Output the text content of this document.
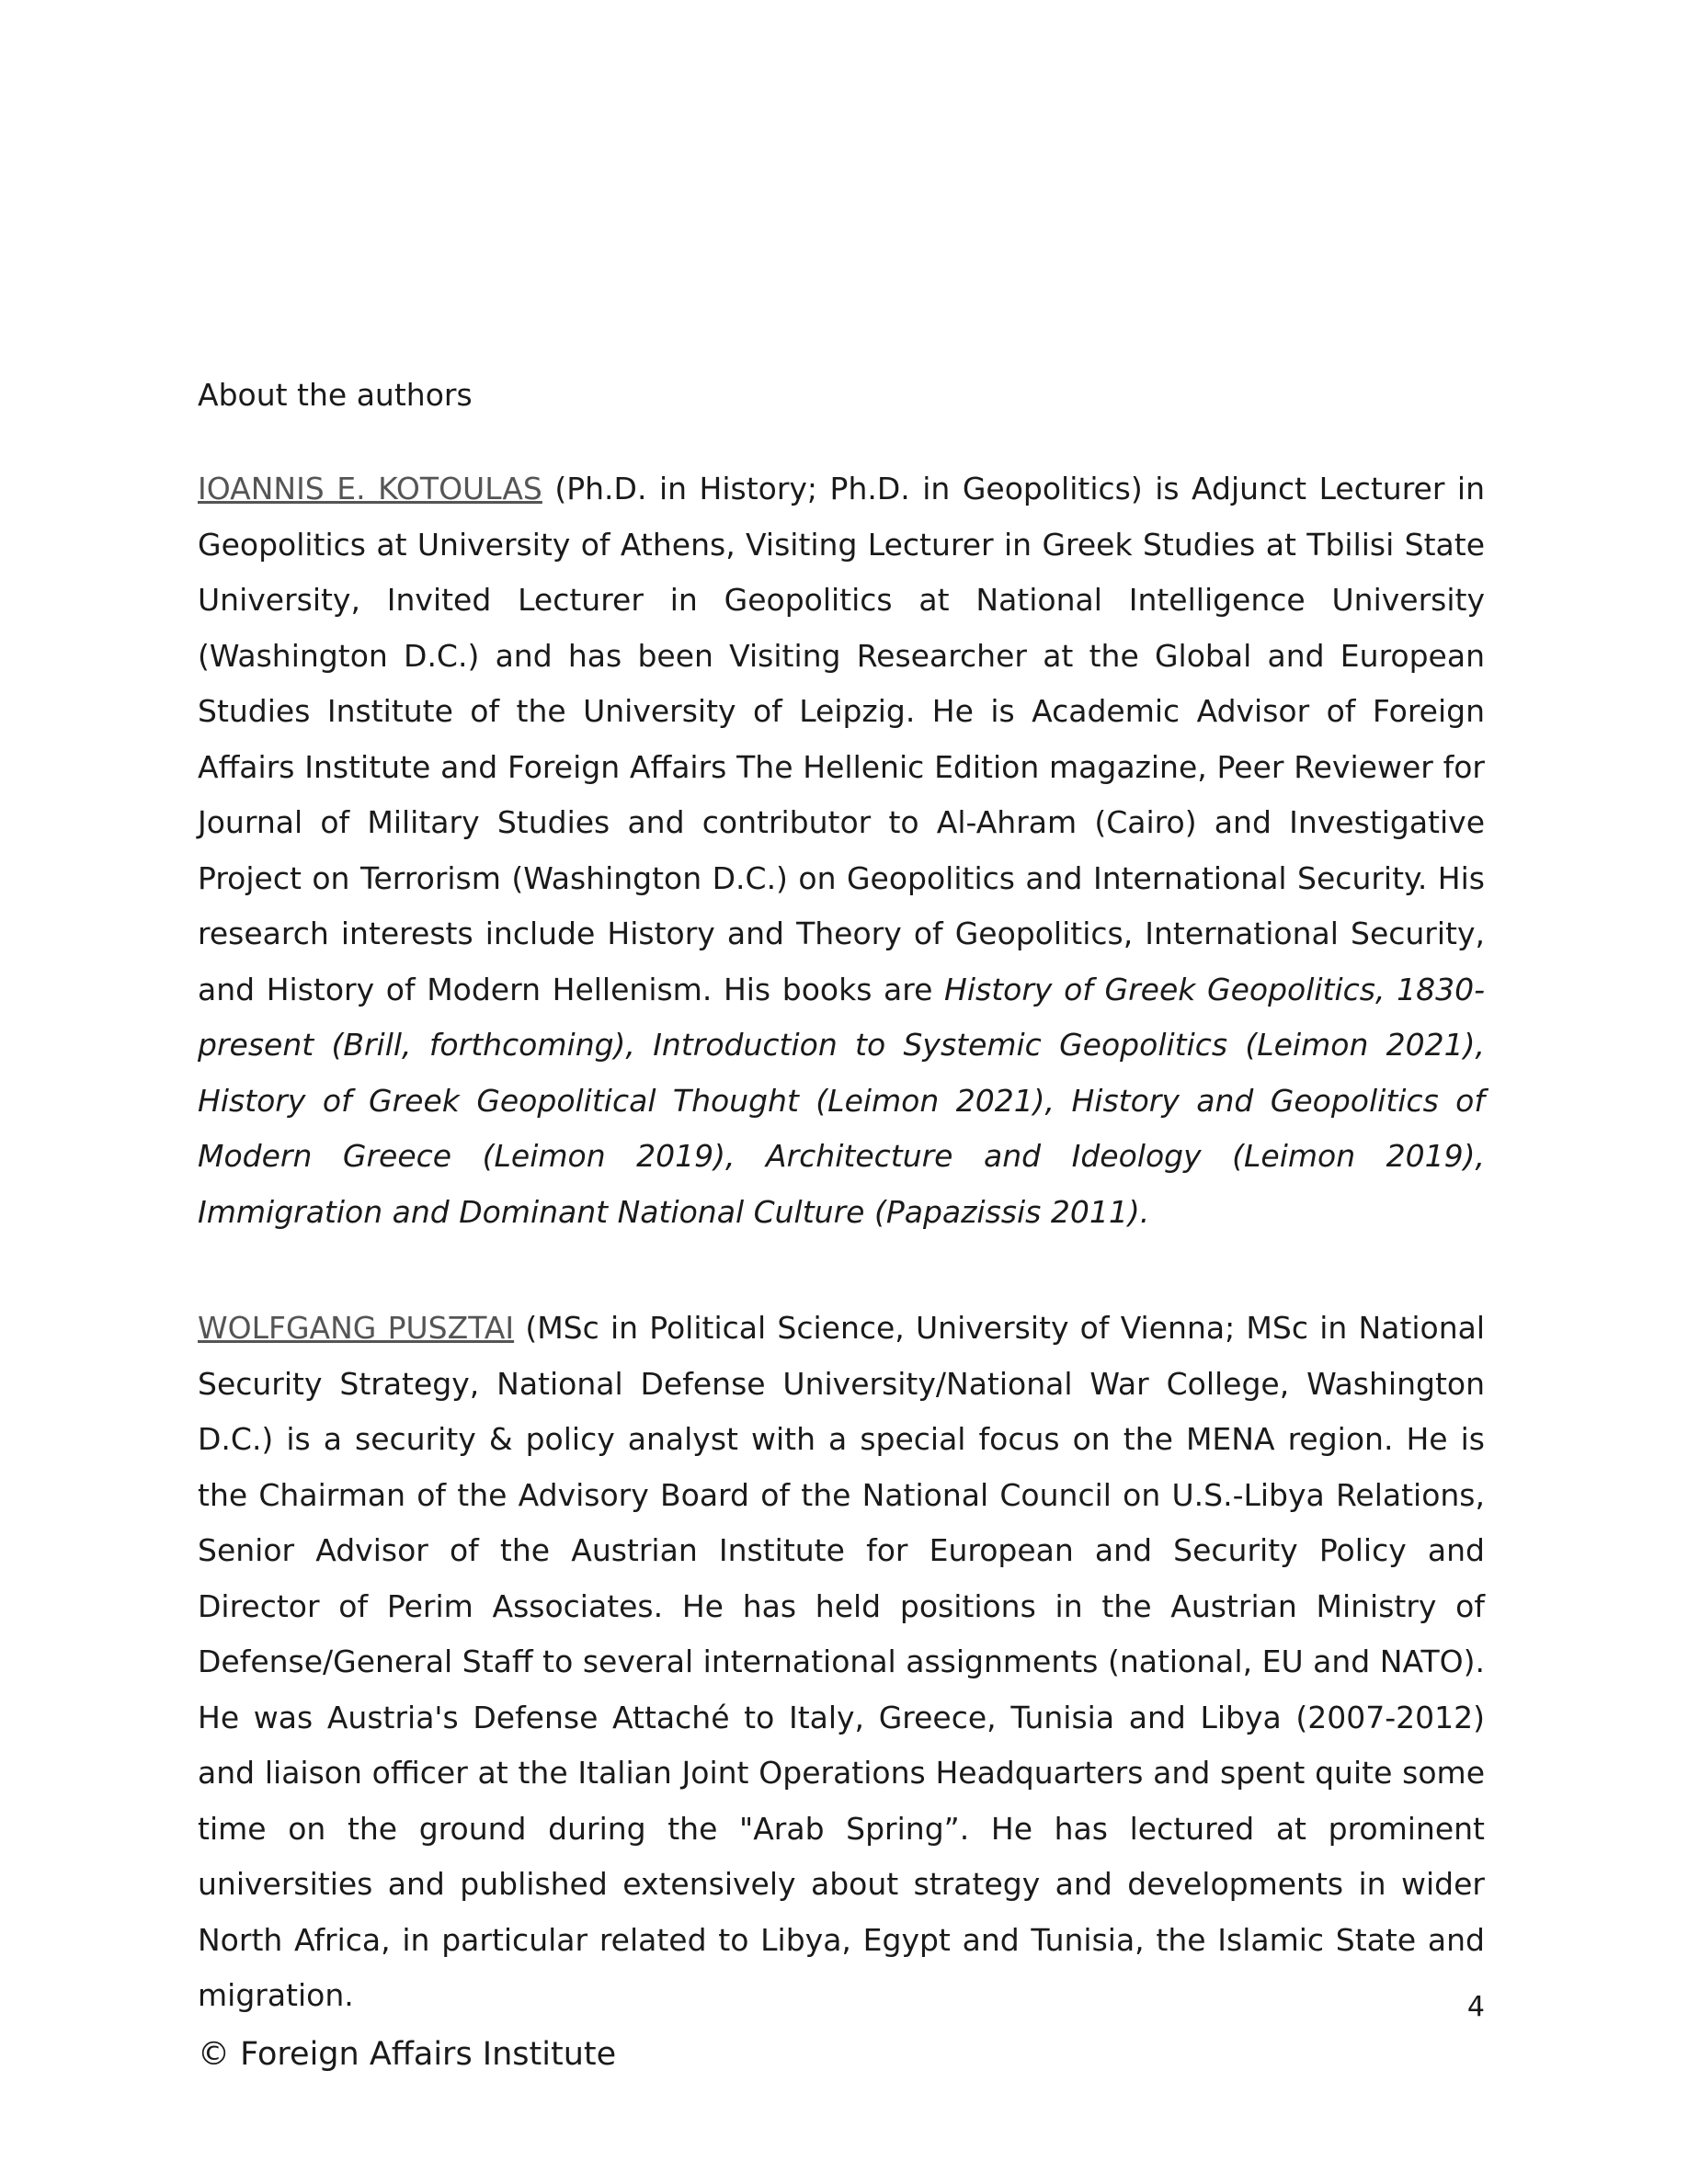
About the authors

IOANNIS E. KOTOULAS (Ph.D. in History; Ph.D. in Geopolitics) is Adjunct Lecturer in Geopolitics at University of Athens, Visiting Lecturer in Greek Studies at Tbilisi State University, Invited Lecturer in Geopolitics at National Intelligence University (Washington D.C.) and has been Visiting Researcher at the Global and European Studies Institute of the University of Leipzig. He is Academic Advisor of Foreign Affairs Institute and Foreign Affairs The Hellenic Edition magazine, Peer Reviewer for Journal of Military Studies and contributor to Al-Ahram (Cairo) and Investigative Project on Terrorism (Washington D.C.) on Geopolitics and International Security. His research interests include History and Theory of Geopolitics, International Security, and History of Modern Hellenism. His books are History of Greek Geopolitics, 1830-present (Brill, forthcoming), Introduction to Systemic Geopolitics (Leimon 2021), History of Greek Geopolitical Thought (Leimon 2021), History and Geopolitics of Modern Greece (Leimon 2019), Architecture and Ideology (Leimon 2019), Immigration and Dominant National Culture (Papazissis 2011).

WOLFGANG PUSZTAI (MSc in Political Science, University of Vienna; MSc in National Security Strategy, National Defense University/National War College, Washington D.C.) is a security & policy analyst with a special focus on the MENA region. He is the Chairman of the Advisory Board of the National Council on U.S.-Libya Relations, Senior Advisor of the Austrian Institute for European and Security Policy and Director of Perim Associates. He has held positions in the Austrian Ministry of Defense/General Staff to several international assignments (national, EU and NATO). He was Austria's Defense Attaché to Italy, Greece, Tunisia and Libya (2007-2012) and liaison officer at the Italian Joint Operations Headquarters and spent quite some time on the ground during the "Arab Spring”. He has lectured at prominent universities and published extensively about strategy and developments in wider North Africa, in particular related to Libya, Egypt and Tunisia, the Islamic State and migration.	4
© Foreign Affairs Institute
